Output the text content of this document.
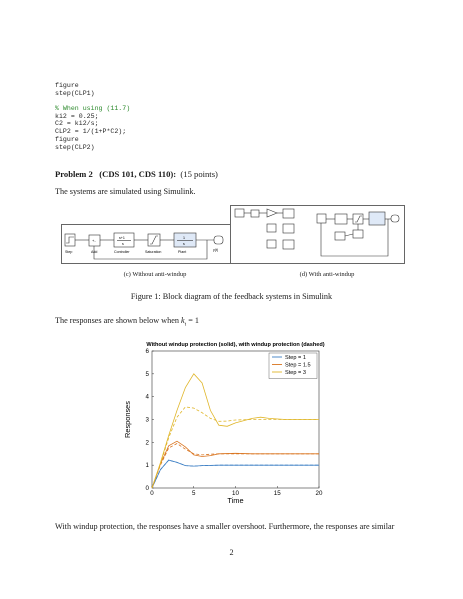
figure
step(CLP1)
% When using (11.7)
ki2 = 0.25;
C2 = ki2/s;
CLP2 = 1/(1+P*C2);
figure
step(CLP2)
Problem 2 (CDS 101, CDS 110): (15 points)
The systems are simulated using Simulink.
Step
+-
Add
s+1
s
Controller	Saturation
1
s
Plant	y(t)
(c) Without anti-windup	(d) With anti-windup
Figure 1: Block diagram of the feedback systems in Simulink
The responses are shown below when $k_t = 1$
Without windup protection (solid), with windup protection (dashed)
0	5	10	15	20
0
1
2
3
4
5
6
Time
Responses
Step = 1
Step = 1.5
Step = 3
With windup protection, the responses have a smaller overshoot. Furthermore, the responses are similar
2
